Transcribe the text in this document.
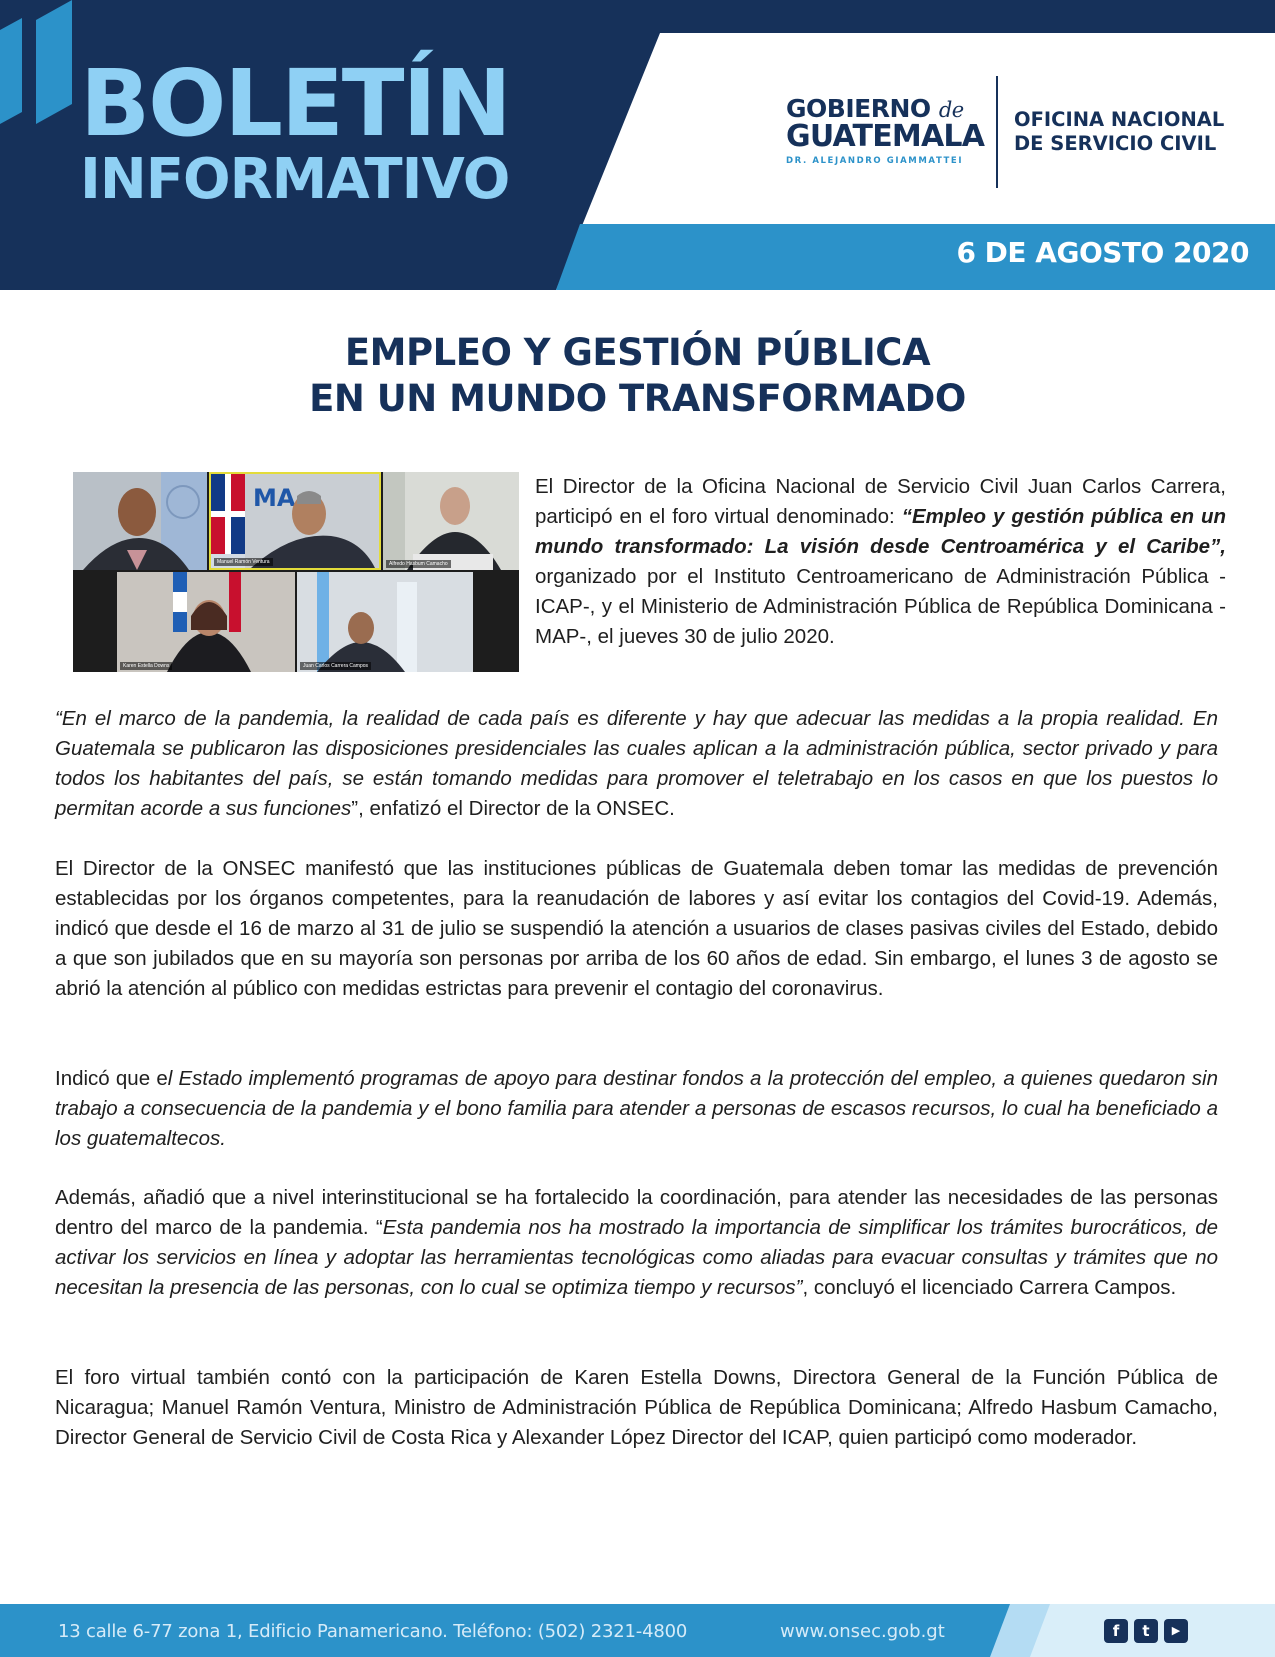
BOLETÍN
INFORMATIVO
GOBIERNO de
GUATEMALA
DR. ALEJANDRO GIAMMATTEI
OFICINA NACIONAL
DE SERVICIO CIVIL
6 DE AGOSTO 2020
EMPLEO Y GESTIÓN PÚBLICA
EN UN MUNDO TRANSFORMADO
MA
Manuel Ramón Ventura	Alfredo Hasbum Camacho
Karen Estella Downs	Juan Carlos Carrera Campos
El Director de la Oficina Nacional de Servicio Civil Juan Carlos Carrera, participó en el foro virtual denominado: “Empleo y gestión pública en un mundo transformado: La visión desde Centroamérica y el Caribe”, organizado por el Instituto Centroamericano de Administración Pública -ICAP-, y el Ministerio de Administración Pública de República Dominicana -MAP-, el jueves 30 de julio 2020.
“En el marco de la pandemia, la realidad de cada país es diferente y hay que adecuar las medidas a la propia realidad. En Guatemala se publicaron las disposiciones presidenciales las cuales aplican a la administración pública, sector privado y para todos los habitantes del país, se están tomando medidas para promover el teletrabajo en los casos en que los puestos lo permitan acorde a sus funciones”, enfatizó el Director de la ONSEC.
El Director de la ONSEC manifestó que las instituciones públicas de Guatemala deben tomar las medidas de prevención establecidas por los órganos competentes, para la reanudación de labores y así evitar los contagios del Covid-19. Además, indicó que desde el 16 de marzo al 31 de julio se suspendió la atención a usuarios de clases pasivas civiles del Estado, debido a que son jubilados que en su mayoría son personas por arriba de los 60 años de edad. Sin embargo, el lunes 3 de agosto se abrió la atención al público con medidas estrictas para prevenir el contagio del coronavirus.
Indicó que el Estado implementó programas de apoyo para destinar fondos a la protección del empleo, a quienes quedaron sin trabajo a consecuencia de la pandemia y el bono familia para atender a personas de escasos recursos, lo cual ha beneficiado a los guatemaltecos.
Además, añadió que a nivel interinstitucional se ha fortalecido la coordinación, para atender las necesidades de las personas dentro del marco de la pandemia. “Esta pandemia nos ha mostrado la importancia de simplificar los trámites burocráticos, de activar los servicios en línea y adoptar las herramientas tecnológicas como aliadas para evacuar consultas y trámites que no necesitan la presencia de las personas, con lo cual se optimiza tiempo y recursos”, concluyó el licenciado Carrera Campos.
El foro virtual también contó con la participación de Karen Estella Downs, Directora General de la Función Pública de Nicaragua; Manuel Ramón Ventura, Ministro de Administración Pública de República Dominicana; Alfredo Hasbum Camacho, Director General de Servicio Civil de Costa Rica y Alexander López Director del ICAP, quien participó como moderador.
13 calle 6-77 zona 1, Edificio Panamericano. Teléfono: (502) 2321-4800	www.onsec.gob.gt	f	t	▶
